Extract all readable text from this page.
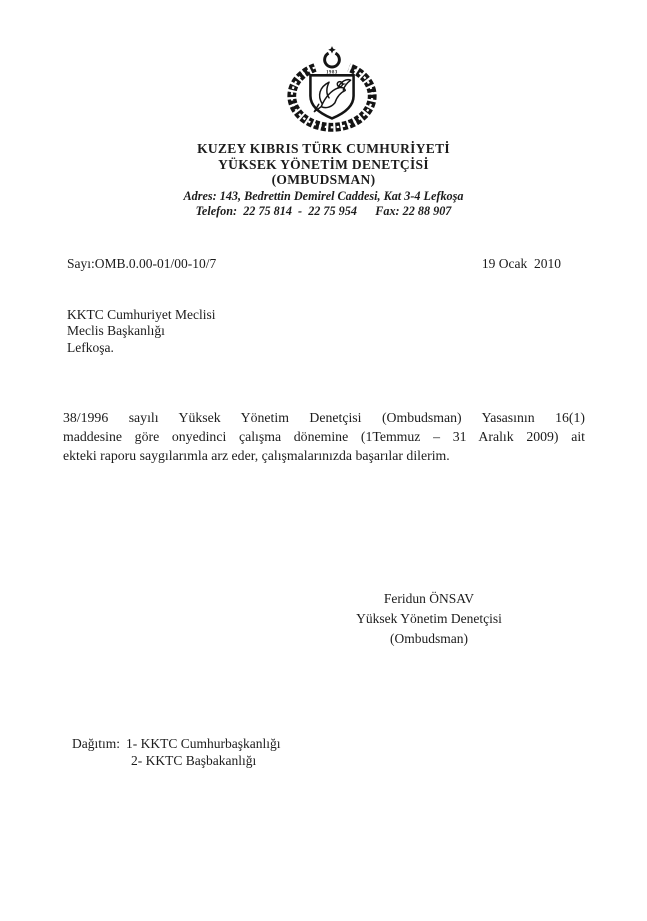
1983
KUZEY KIBRIS TÜRK CUMHURİYETİ
YÜKSEK YÖNETİM DENETÇİSİ
(OMBUDSMAN)
Adres: 143, Bedrettin Demirel Caddesi, Kat 3-4 Lefkoşa
Telefon:  22 75 814  -  22 75 954      Fax: 22 88 907
Sayı:OMB.0.00-01/00-10/7	19 Ocak  2010
KKTC Cumhuriyet Meclisi
Meclis Başkanlığı
Lefkoşa.
38/1996 sayılı Yüksek Yönetim Denetçisi (Ombudsman) Yasasının 16(1)
maddesine göre onyedinci çalışma dönemine (1Temmuz – 31 Aralık 2009) ait
ekteki raporu saygılarımla arz eder, çalışmalarınızda başarılar dilerim.
Feridun ÖNSAV
Yüksek Yönetim Denetçisi
(Ombudsman)
Dağıtım: 1- KKTC Cumhurbaşkanlığı
2- KKTC Başbakanlığı
